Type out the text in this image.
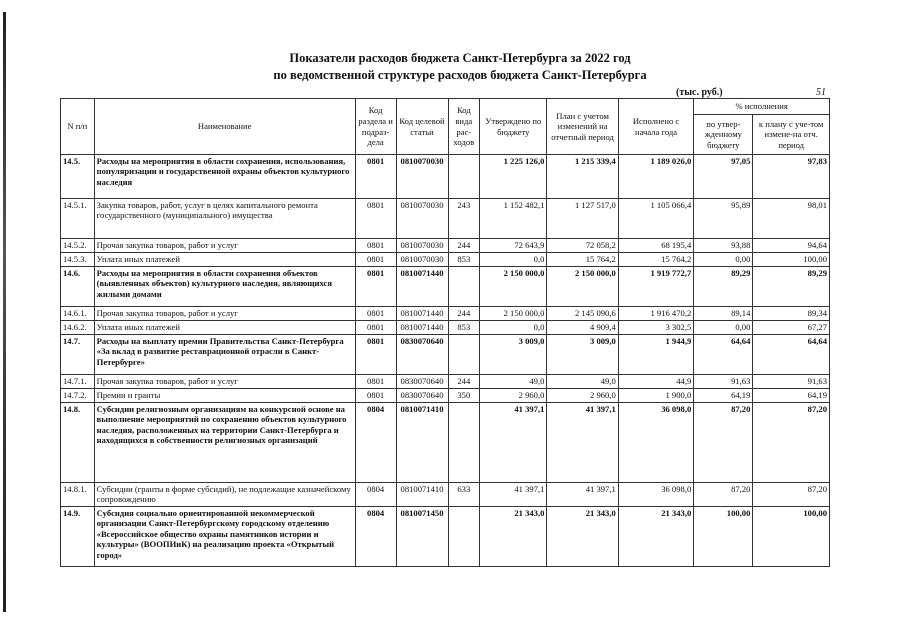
Показатели расходов бюджета Санкт-Петербурга за 2022 год
по ведомственной структуре расходов бюджета Санкт-Петербурга
(тыс. руб.)	51
N п/п	Наименование	Код раздела и подраз-дела	Код целевой статьи	Код вида рас-ходов	Утверждено по бюджету	План с учетом изменений на отчетный период	Исполнено с начала года	% исполнения	
								по утвер-жденному бюджету	к плану с уче-том измене-на отч. период
14.5.	Расходы на мероприятия в области сохранения, использования, популяризации и государственной охраны объектов культурного наследия	0801	0810070030		1 225 126,0	1 215 339,4	1 189 026,0	97,05	97,83
14.5.1.	Закупка товаров, работ, услуг в целях капитального ремонта государственного (муниципального) имущества	0801	0810070030	243	1 152 482,1	1 127 517,0	1 105 066,4	95,89	98,01
14.5.2.	Прочая закупка товаров, работ и услуг	0801	0810070030	244	72 643,9	72 058,2	68 195,4	93,88	94,64
14.5.3.	Уплата иных платежей	0801	0810070030	853	0,0	15 764,2	15 764,2	0,00	100,00
14.6.	Расходы на мероприятия в области сохранения объектов (выявленных объектов) культурного наследия, являющихся жилыми домами	0801	0810071440		2 150 000,0	2 150 000,0	1 919 772,7	89,29	89,29
14.6.1.	Прочая закупка товаров, работ и услуг	0801	0810071440	244	2 150 000,0	2 145 090,6	1 916 470,2	89,14	89,34
14.6.2.	Уплата иных платежей	0801	0810071440	853	0,0	4 909,4	3 302,5	0,00	67,27
14.7.	Расходы на выплату премии Правительства Санкт-Петербурга «За вклад в развитие реставрационной отрасли в Санкт-Петербурге»	0801	0830070640		3 009,0	3 009,0	1 944,9	64,64	64,64
14.7.1.	Прочая закупка товаров, работ и услуг	0801	0830070640	244	49,0	49,0	44,9	91,63	91,63
14.7.2.	Премии и гранты	0801	0830070640	350	2 960,0	2 960,0	1 900,0	64,19	64,19
14.8.	Субсидии религиозным организациям на конкурсной основе на выполнение мероприятий по сохранению объектов культурного наследия, расположенных на территории Санкт-Петербурга и находящихся в собственности религиозных организаций	0804	0810071410		41 397,1	41 397,1	36 098,0	87,20	87,20
14.8.1.	Субсидии (гранты в форме субсидий), не подлежащие казначейскому сопровождению	0804	0810071410	633	41 397,1	41 397,1	36 098,0	87,20	87,20
14.9.	Субсидия социально ориентированной некоммерческой организации Санкт-Петербургскому городскому отделению «Всероссийское общество охраны памятников истории и культуры» (ВООПИиК) на реализацию проекта «Открытый город»	0804	0810071450		21 343,0	21 343,0	21 343,0	100,00	100,00
